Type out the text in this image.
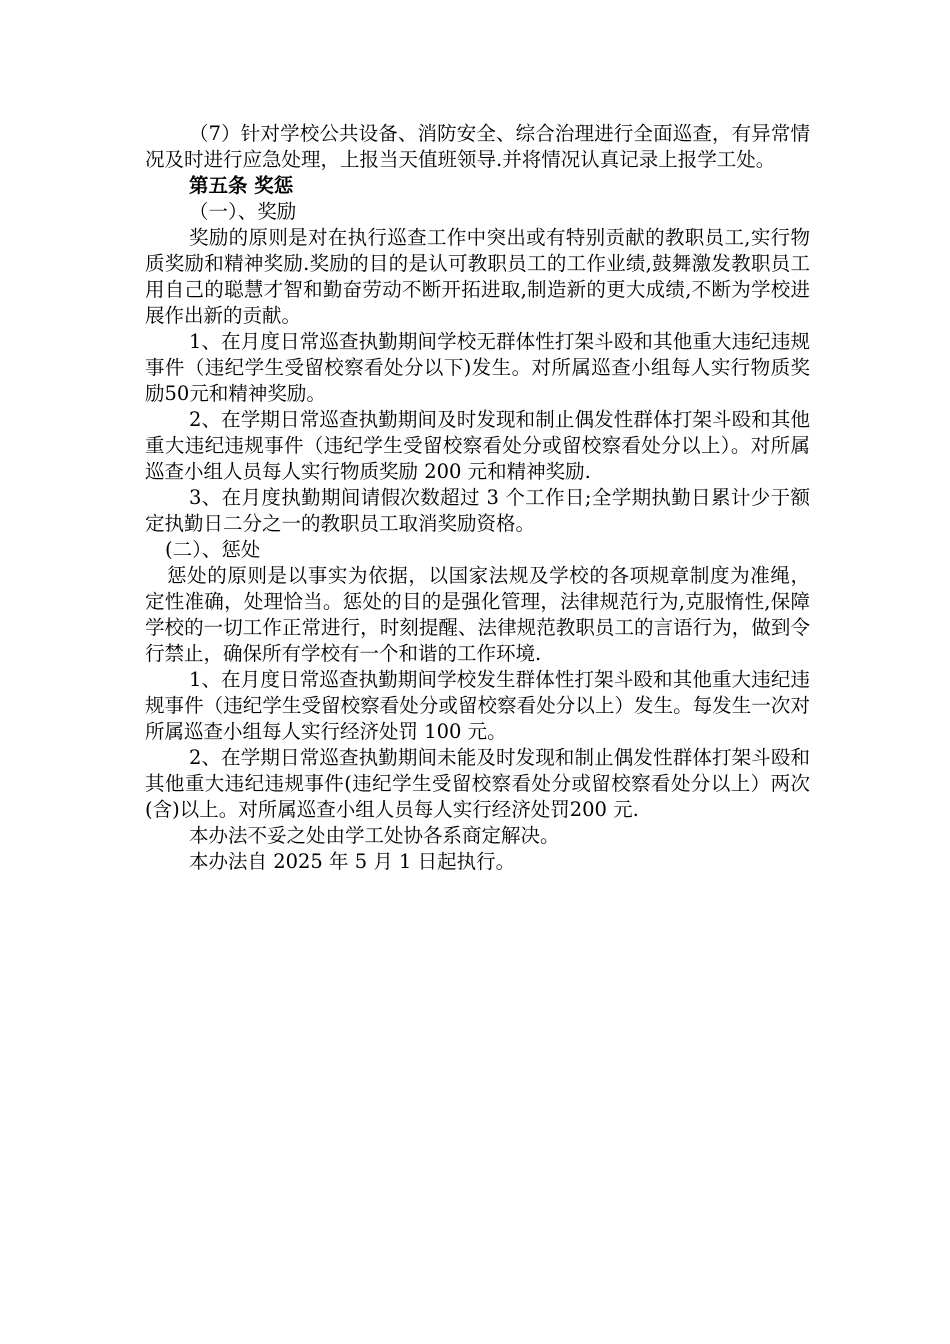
（7）针对学校公共设备、消防安全、综合治理进行全面巡查，有异常情况及时进行应急处理，上报当天值班领导.并将情况认真记录上报学工处。

第五条 奖惩

（一）、奖励

奖励的原则是对在执行巡查工作中突出或有特别贡献的教职员工,实行物质奖励和精神奖励.奖励的目的是认可教职员工的工作业绩,鼓舞激发教职员工用自己的聪慧才智和勤奋劳动不断开拓进取,制造新的更大成绩,不断为学校进展作出新的贡献。

1、在月度日常巡查执勤期间学校无群体性打架斗殴和其他重大违纪违规事件（违纪学生受留校察看处分以下)发生。对所属巡查小组每人实行物质奖励50元和精神奖励。

2、在学期日常巡查执勤期间及时发现和制止偶发性群体打架斗殴和其他重大违纪违规事件（违纪学生受留校察看处分或留校察看处分以上）。对所属巡查小组人员每人实行物质奖励 200 元和精神奖励.

3、在月度执勤期间请假次数超过 3 个工作日;全学期执勤日累计少于额定执勤日二分之一的教职员工取消奖励资格。

(二）、惩处

惩处的原则是以事实为依据，以国家法规及学校的各项规章制度为准绳，定性准确，处理恰当。惩处的目的是强化管理，法律规范行为,克服惰性,保障学校的一切工作正常进行，时刻提醒、法律规范教职员工的言语行为，做到令行禁止，确保所有学校有一个和谐的工作环境.

1、在月度日常巡查执勤期间学校发生群体性打架斗殴和其他重大违纪违规事件（违纪学生受留校察看处分或留校察看处分以上）发生。每发生一次对所属巡查小组每人实行经济处罚 100 元。

2、在学期日常巡查执勤期间未能及时发现和制止偶发性群体打架斗殴和其他重大违纪违规事件(违纪学生受留校察看处分或留校察看处分以上）两次(含)以上。对所属巡查小组人员每人实行经济处罚200 元.

本办法不妥之处由学工处协各系商定解决。

本办法自 2025 年 5 月 1 日起执行。
